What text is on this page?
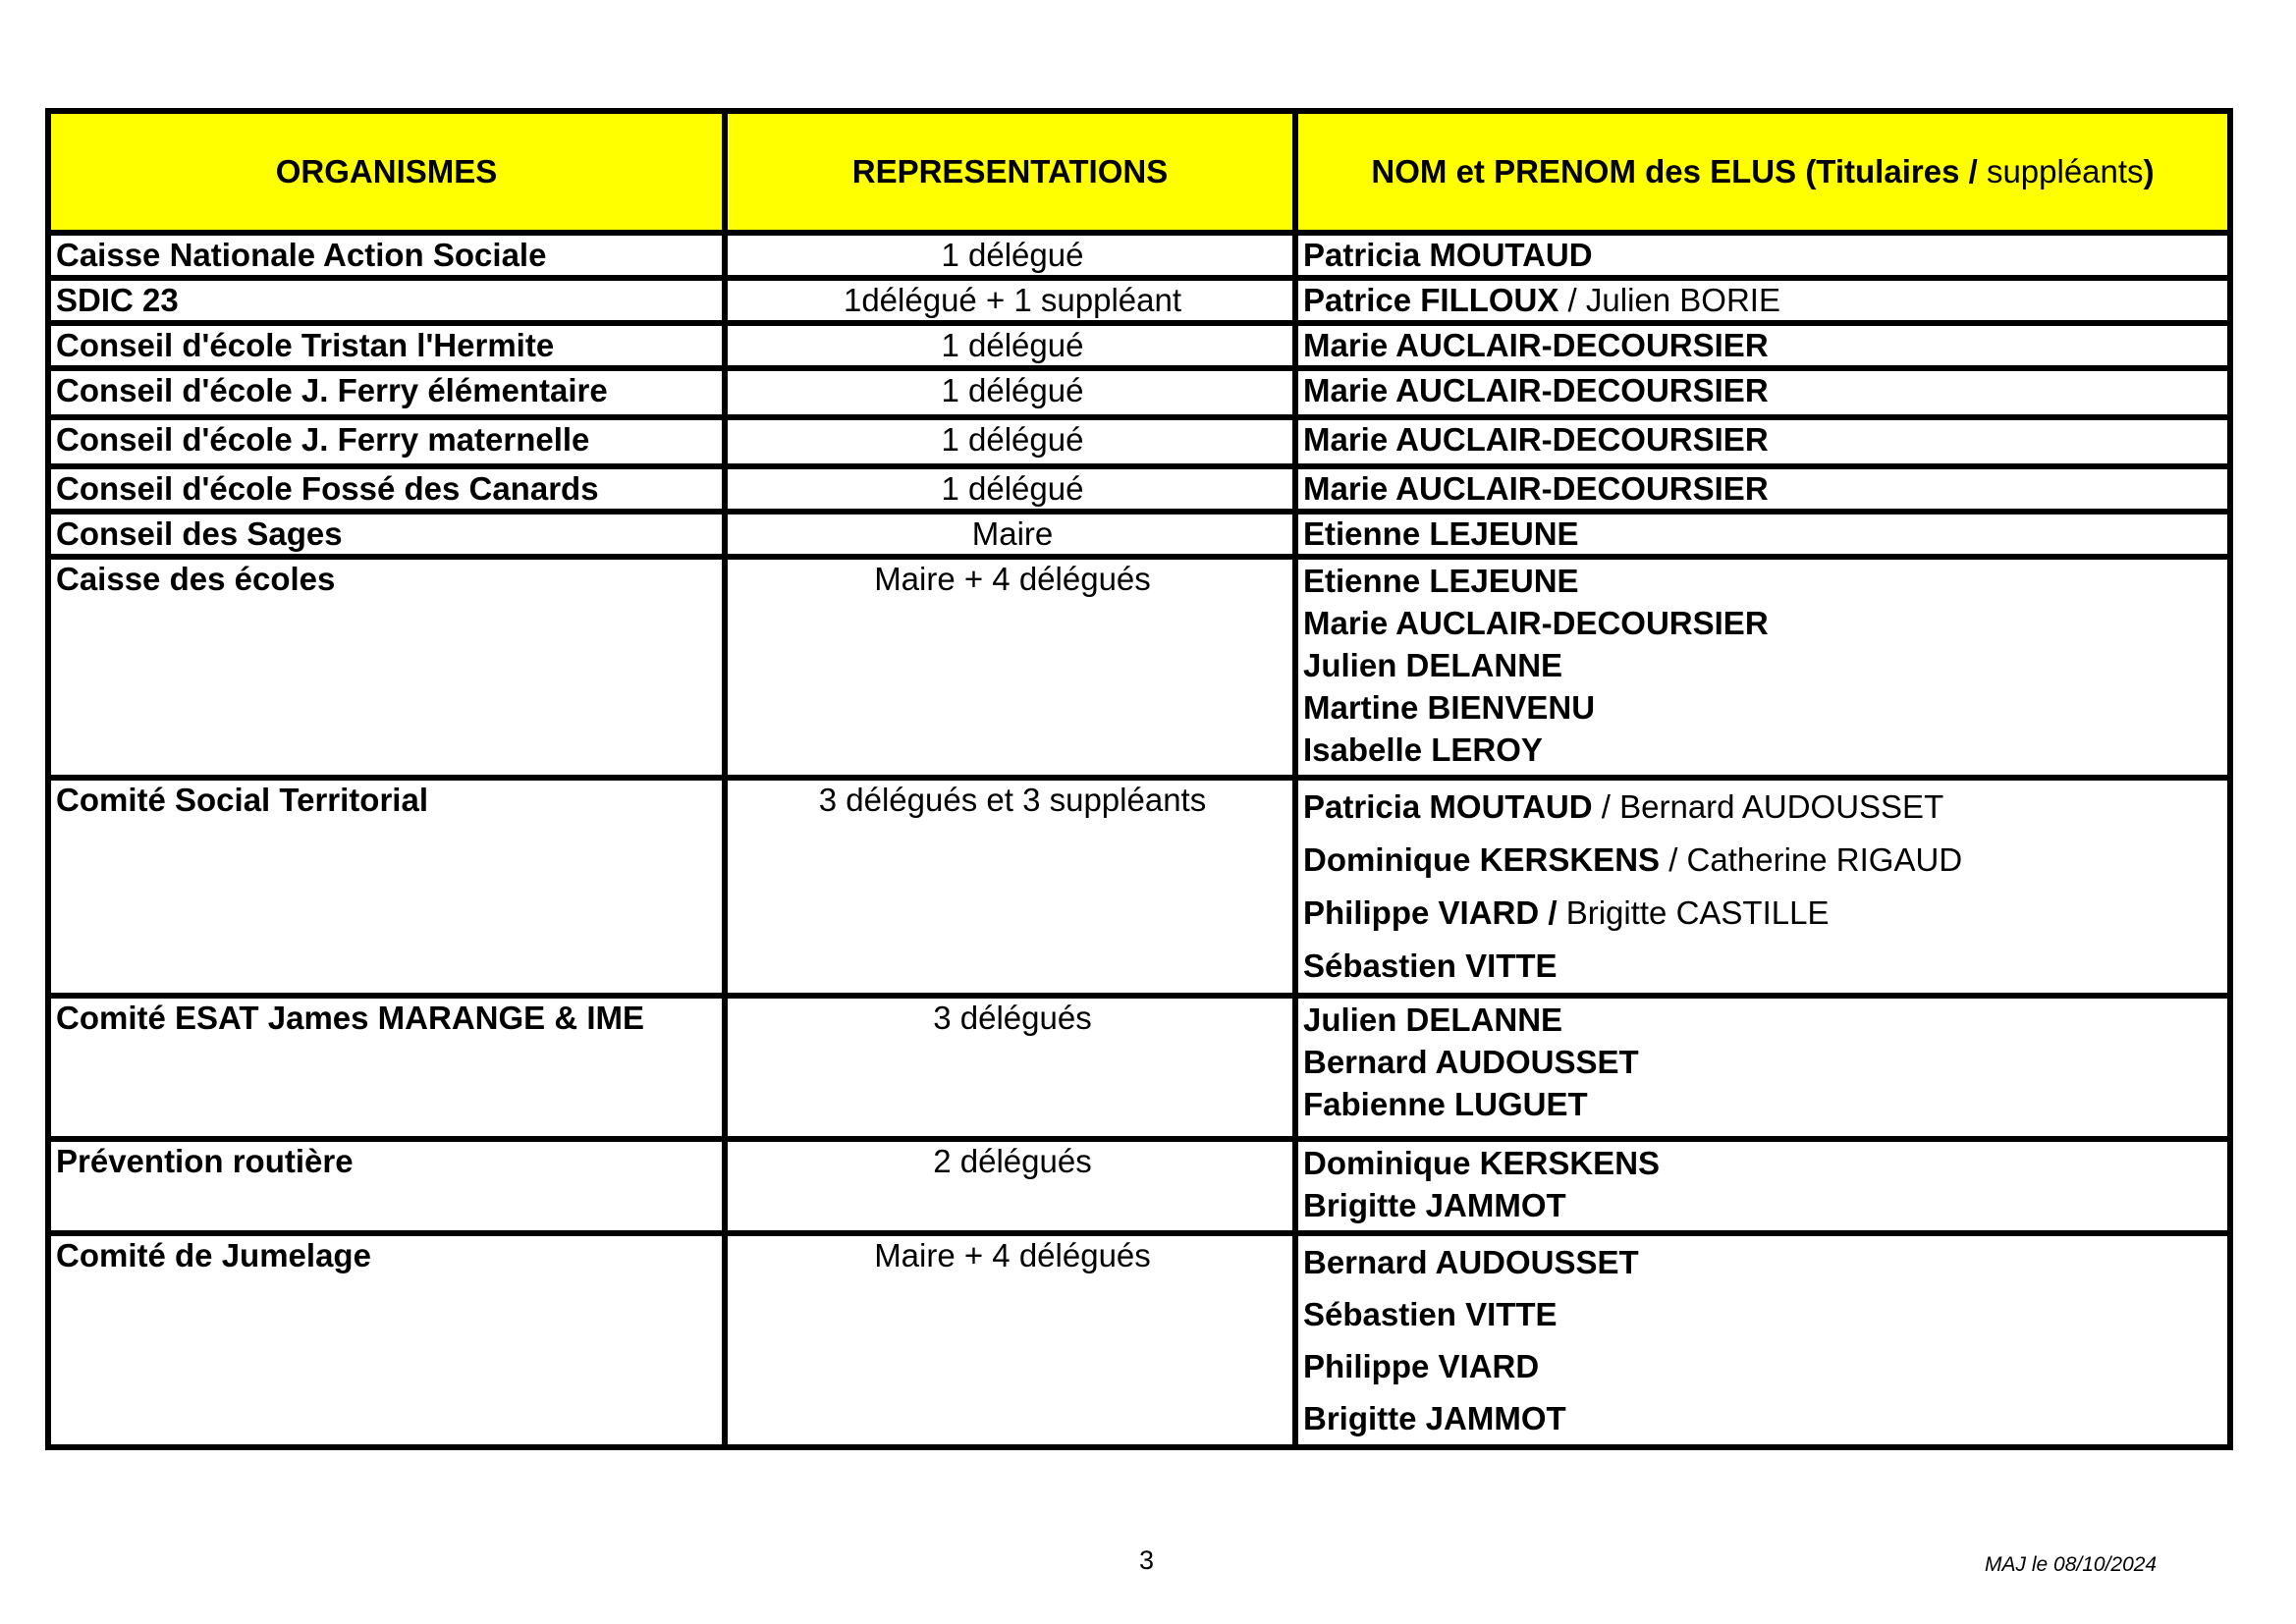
ORGANISMES	REPRESENTATIONS	NOM et PRENOM des ELUS (Titulaires / suppléants)
Caisse Nationale Action Sociale	1 délégué	Patricia MOUTAUD

SDIC 23	1délégué + 1 suppléant	Patrice FILLOUX / Julien BORIE

Conseil d'école Tristan l'Hermite	1 délégué	Marie AUCLAIR-DECOURSIER

Conseil d'école J. Ferry élémentaire	1 délégué	Marie AUCLAIR-DECOURSIER

Conseil d'école J. Ferry maternelle	1 délégué	Marie AUCLAIR-DECOURSIER

Conseil d'école Fossé des Canards	1 délégué	Marie AUCLAIR-DECOURSIER

Conseil des Sages	Maire	Etienne LEJEUNE

Caisse des écoles	Maire + 4 délégués	Etienne LEJEUNE
Marie AUCLAIR-DECOURSIER
Julien DELANNE
Martine BIENVENU
Isabelle LEROY

Comité Social Territorial	3 délégués et 3 suppléants	Patricia MOUTAUD / Bernard AUDOUSSET
Dominique KERSKENS / Catherine RIGAUD
Philippe VIARD / Brigitte CASTILLE
Sébastien VITTE

Comité ESAT James MARANGE & IME	3 délégués	Julien DELANNE
Bernard AUDOUSSET
Fabienne LUGUET

Prévention routière	2 délégués	Dominique KERSKENS
Brigitte JAMMOT

Comité de Jumelage	Maire + 4 délégués	Bernard AUDOUSSET
Sébastien VITTE
Philippe VIARD
Brigitte JAMMOT
3	MAJ le 08/10/2024
